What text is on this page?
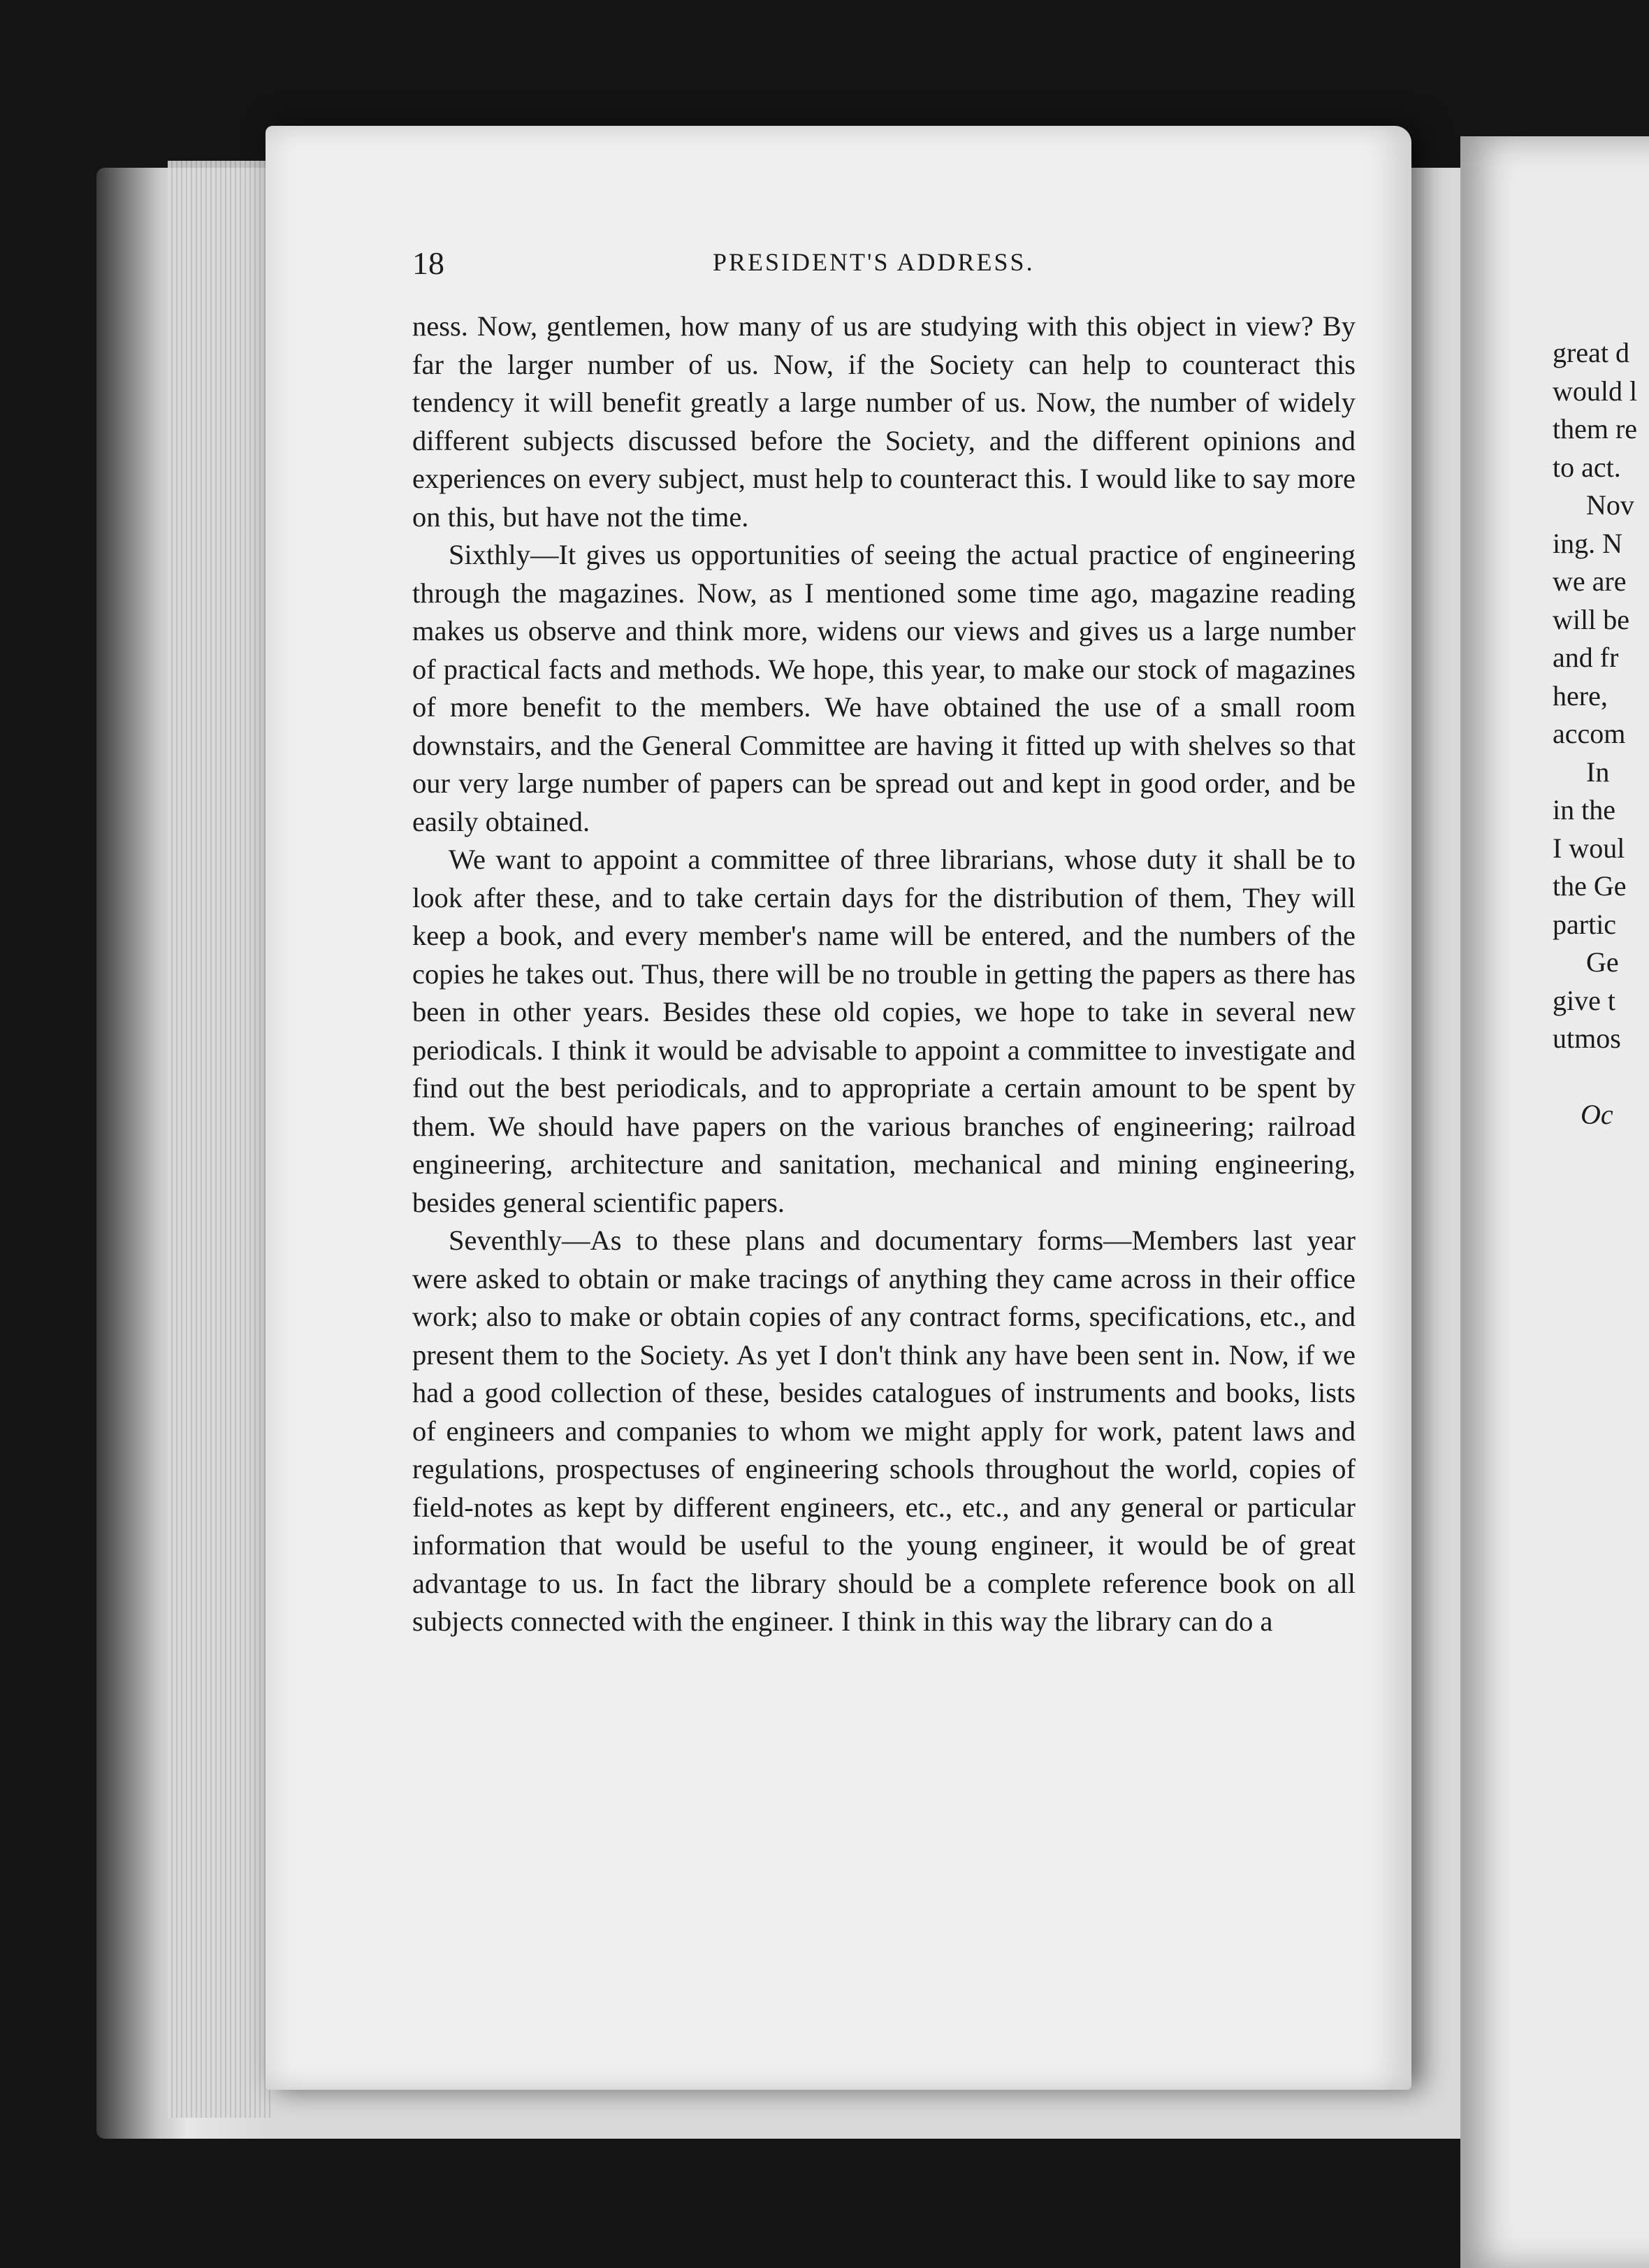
18	PRESIDENT'S ADDRESS.

ness. Now, gentlemen, how many of us are studying with this object in view? By far the larger number of us. Now, if the Society can help to counteract this tendency it will benefit greatly a large number of us. Now, the number of widely different subjects discussed before the Society, and the different opinions and experiences on every subject, must help to counteract this. I would like to say more on this, but have not the time.

Sixthly—It gives us opportunities of seeing the actual practice of engineering through the magazines. Now, as I mentioned some time ago, magazine reading makes us observe and think more, widens our views and gives us a large number of practical facts and methods. We hope, this year, to make our stock of magazines of more benefit to the members. We have obtained the use of a small room downstairs, and the General Committee are having it fitted up with shelves so that our very large number of papers can be spread out and kept in good order, and be easily obtained.

We want to appoint a committee of three librarians, whose duty it shall be to look after these, and to take certain days for the distribution of them, They will keep a book, and every member's name will be entered, and the numbers of the copies he takes out. Thus, there will be no trouble in getting the papers as there has been in other years. Besides these old copies, we hope to take in several new periodicals. I think it would be advisable to appoint a committee to investigate and find out the best periodicals, and to appropriate a certain amount to be spent by them. We should have papers on the various branches of engineering; railroad engineering, architecture and sanitation, mechanical and mining engineering, besides general scientific papers.

Seventhly—As to these plans and documentary forms—Members last year were asked to obtain or make tracings of anything they came across in their office work; also to make or obtain copies of any contract forms, specifications, etc., and present them to the Society. As yet I don't think any have been sent in. Now, if we had a good collection of these, besides catalogues of instruments and books, lists of engineers and companies to whom we might apply for work, patent laws and regulations, prospectuses of engineering schools throughout the world, copies of field-notes as kept by different engineers, etc., etc., and any general or particular information that would be useful to the young engineer, it would be of great advantage to us. In fact the library should be a complete reference book on all subjects connected with the engineer. I think in this way the library can do a

great d
would l
them re
to act.
Nov
ing. N
we are
will be
and fr
here,
accom
In
in the
I woul
the Ge
partic
Ge
give t
utmos
Oc
